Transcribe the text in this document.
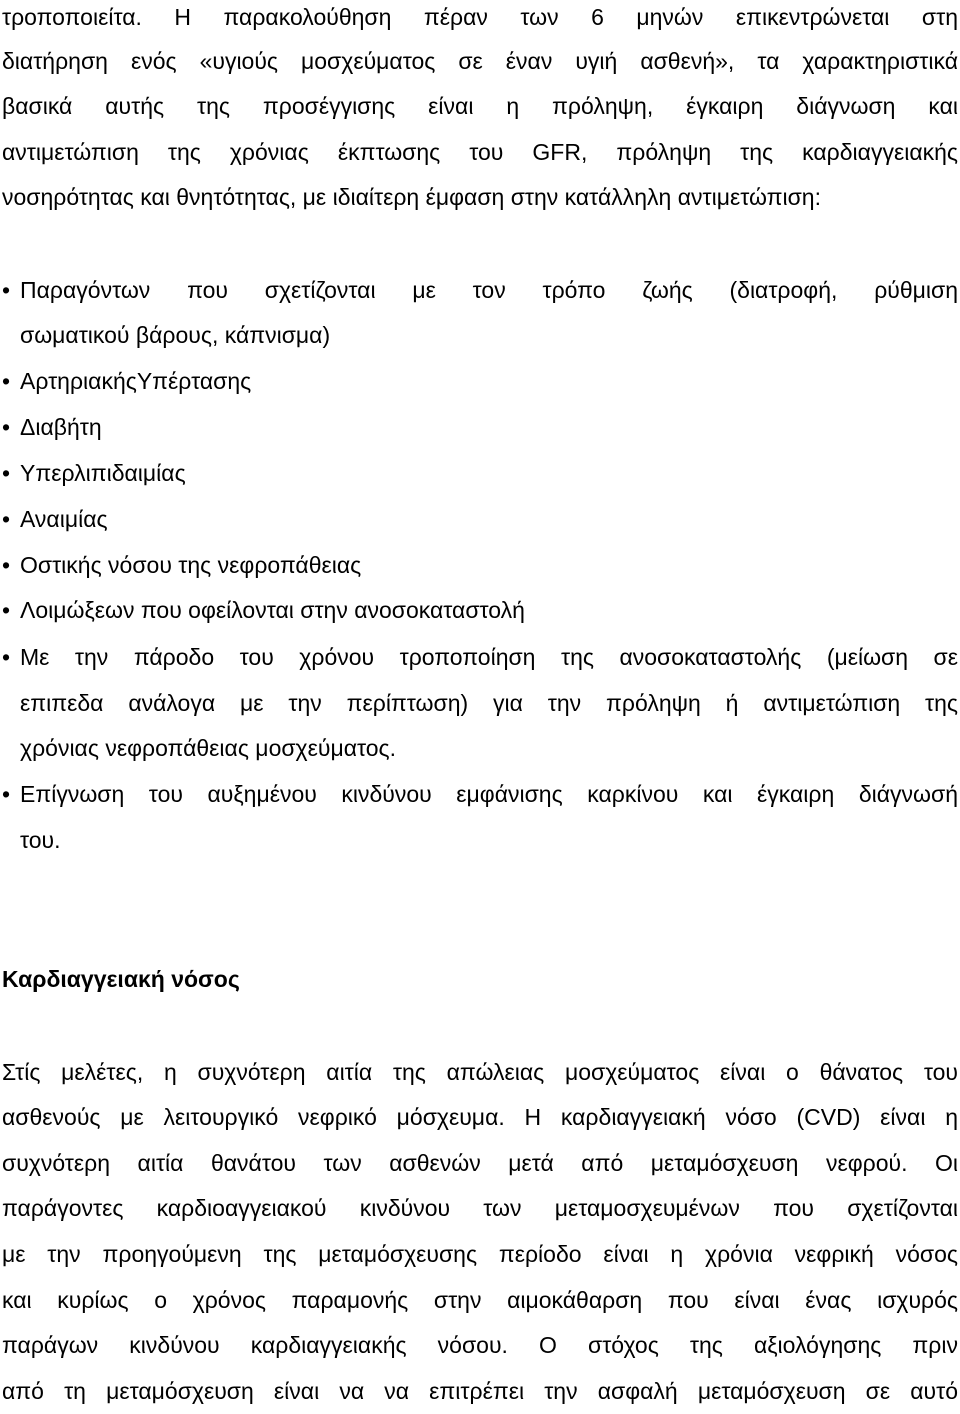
τροποποιείτα. Η παρακολούθηση πέραν των 6 μηνών επικεντρώνεται στη
διατήρηση ενός «υγιούς μοσχεύματος σε έναν υγιή ασθενή», τα χαρακτηριστικά
βασικά αυτής της προσέγγισης είναι η πρόληψη, έγκαιρη διάγνωση και
αντιμετώπιση της χρόνιας έκπτωσης του GFR, πρόληψη της καρδιαγγειακής
νοσηρότητας και θνητότητας, με ιδιαίτερη έμφαση στην κατάλληλη αντιμετώπιση:
• Παραγόντων που σχετίζονται με τον τρόπο ζωής (διατροφή, ρύθμιση
σωματικού βάρους, κάπνισμα)
• ΑρτηριακήςΥπέρτασης
• Διαβήτη
• Υπερλιπιδαιμίας
• Αναιμίας
• Οστικής νόσου της νεφροπάθειας
• Λοιμώξεων που οφείλονται στην ανοσοκαταστολή
• Με την πάροδο του χρόνου τροποποίηση της ανοσοκαταστολής (μείωση σε
επιπεδα ανάλογα με την περίπτωση) για την πρόληψη ή αντιμετώπιση της
χρόνιας νεφροπάθειας μοσχεύματος.
• Επίγνωση του αυξημένου κινδύνου εμφάνισης καρκίνου και έγκαιρη διάγνωσή
του.
Καρδιαγγειακή νόσος
Στίς μελέτες, η συχνότερη αιτία της απώλειας μοσχεύματος είναι ο θάνατος του
ασθενούς με λειτουργικό νεφρικό μόσχευμα. Η καρδιαγγειακή νόσο (CVD) είναι η
συχνότερη αιτία θανάτου των ασθενών μετά από μεταμόσχευση νεφρού. Οι
παράγοντες καρδιοαγγειακού κινδύνου των μεταμοσχευμένων που σχετίζονται
με την προηγούμενη της μεταμόσχευσης περίοδο είναι η χρόνια νεφρική νόσος
και κυρίως ο χρόνος παραμονής στην αιμοκάθαρση που είναι ένας ισχυρός
παράγων κινδύνου καρδιαγγειακής νόσου. Ο στόχος της αξιολόγησης πριν
από τη μεταμόσχευση είναι να να επιτρέπει την ασφαλή μεταμόσχευση σε αυτό
